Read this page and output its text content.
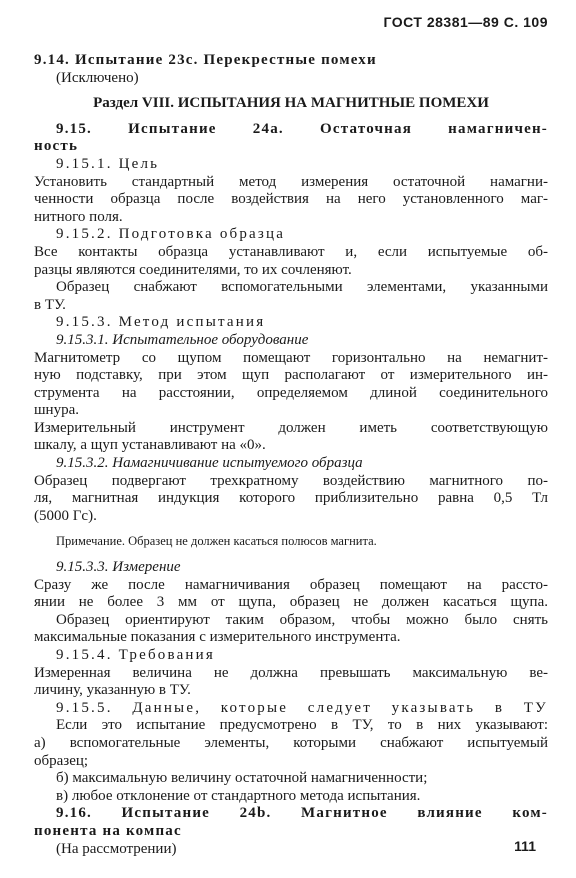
ГОСТ 28381—89 С. 109
9.14. Испытание 23с. Перекрестные помехи
(Исключено)
Раздел VIII. ИСПЫТАНИЯ НА МАГНИТНЫЕ ПОМЕХИ
9.15. Испытание 24а. Остаточная намагничен-
ность
9.15.1. Цель
Установить стандартный метод измерения остаточной намагни-
ченности образца после воздействия на него установленного маг-
нитного поля.
9.15.2. Подготовка образца
Все контакты образца устанавливают и, если испытуемые об-
разцы являются соединителями, то их сочленяют.
Образец снабжают вспомогательными элементами, указанными
в ТУ.
9.15.3. Метод испытания
9.15.3.1. Испытательное оборудование
Магнитометр со щупом помещают горизонтально на немагнит-
ную подставку, при этом щуп располагают от измерительного ин-
струмента на расстоянии, определяемом длиной соединительного
шнура.
Измерительный инструмент должен иметь соответствующую
шкалу, а щуп устанавливают на «0».
9.15.3.2. Намагничивание испытуемого образца
Образец подвергают трехкратному воздействию магнитного по-
ля, магнитная индукция которого приблизительно равна 0,5 Тл
(5000 Гс).
Примечание. Образец не должен касаться полюсов магнита.
9.15.3.3. Измерение
Сразу же после намагничивания образец помещают на рассто-
янии не более 3 мм от щупа, образец не должен касаться щупа.
Образец ориентируют таким образом, чтобы можно было снять
максимальные показания с измерительного инструмента.
9.15.4. Требования
Измеренная величина не должна превышать максимальную ве-
личину, указанную в ТУ.
9.15.5. Данные, которые следует указывать в ТУ
Если это испытание предусмотрено в ТУ, то в них указывают:
а) вспомогательные элементы, которыми снабжают испытуемый
образец;
б) максимальную величину остаточной намагниченности;
в) любое отклонение от стандартного метода испытания.
9.16. Испытание 24b. Магнитное влияние ком-
понента на компас
(На рассмотрении)	111
